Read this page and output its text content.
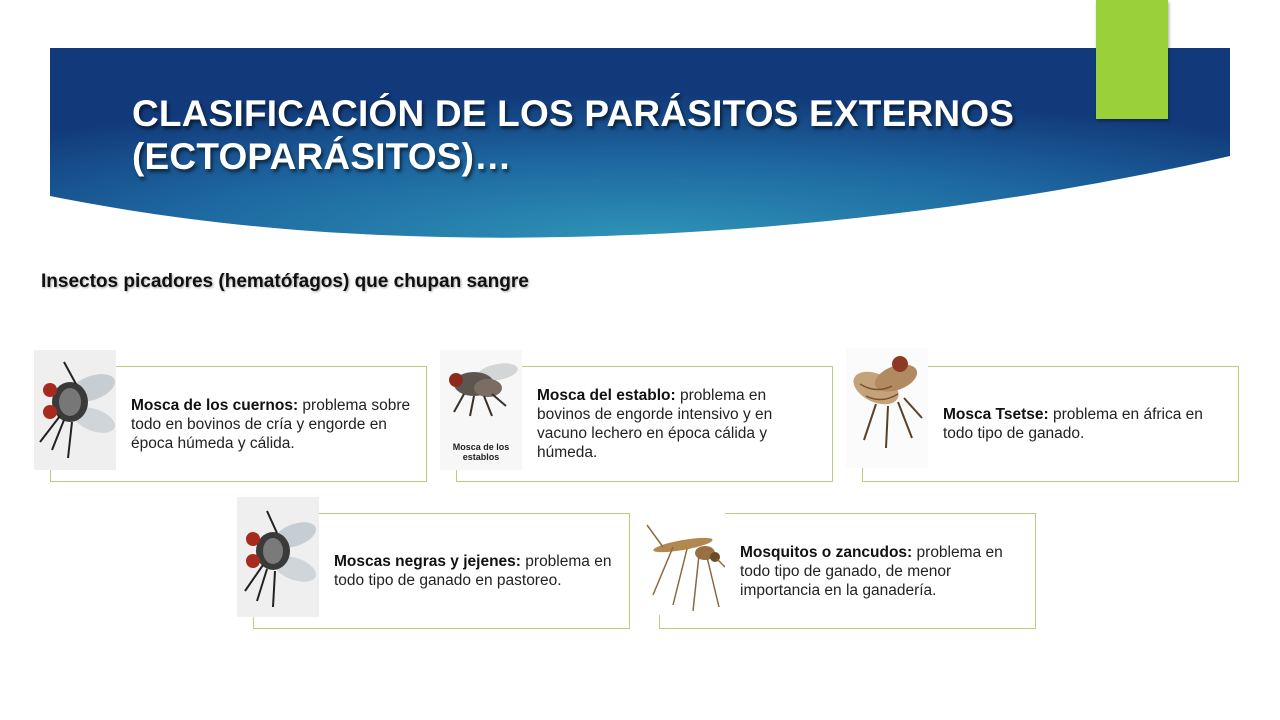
CLASIFICACIÓN DE LOS PARÁSITOS EXTERNOS
(ECTOPARÁSITOS)…
Insectos picadores (hematófagos) que chupan sangre

Mosca de los cuernos: problema sobre todo en bovinos de cría y engorde en época húmeda y cálida.

Mosca del establo: problema en bovinos de engorde intensivo y en vacuno lechero en época cálida y húmeda.

Mosca de los
establos

Mosca Tsetse: problema en áfrica en todo tipo de ganado.

Moscas negras y jejenes: problema en todo tipo de ganado en pastoreo.

Mosquitos o zancudos: problema en todo tipo de ganado, de menor importancia en la ganadería.
